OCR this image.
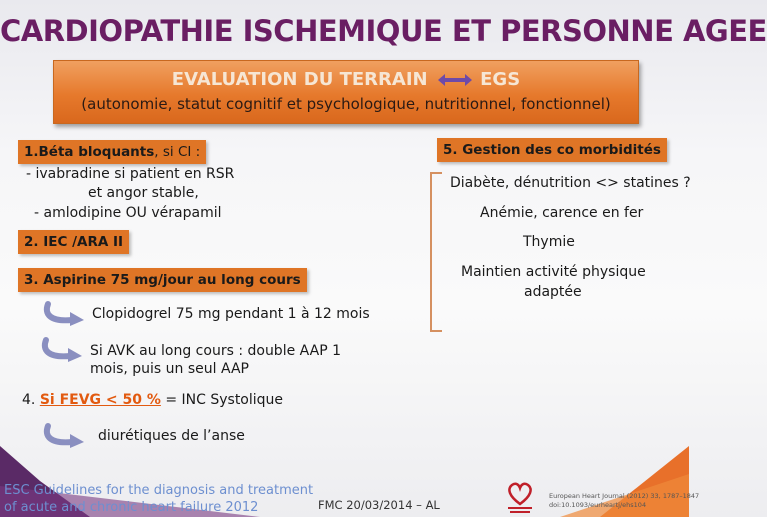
CARDIOPATHIE ISCHEMIQUE ET PERSONNE AGEE
EVALUATION DU TERRAIN	EGS
(autonomie, statut cognitif et psychologique, nutritionnel, fonctionnel)
1.Béta bloquants, si CI :
- ivabradine si patient en RSR
et angor stable,
- amlodipine OU vérapamil
2. IEC /ARA II
3. Aspirine 75 mg/jour au long cours
Clopidogrel 75 mg pendant 1 à 12 mois
Si AVK au long cours : double AAP 1
mois, puis un seul AAP
4. Si FEVG < 50 % = INC Systolique
diurétiques de l’anse
5. Gestion des co morbidités
Diabète, dénutrition <> statines ?
Anémie, carence en fer
Thymie
Maintien activité physique
adaptée
ESC Guidelines for the diagnosis and treatment
of acute and chronic heart failure 2012	FMC 20/03/2014 – AL
European Heart Journal (2012) 33, 1787–1847
doi:10.1093/eurheartj/ehs104
